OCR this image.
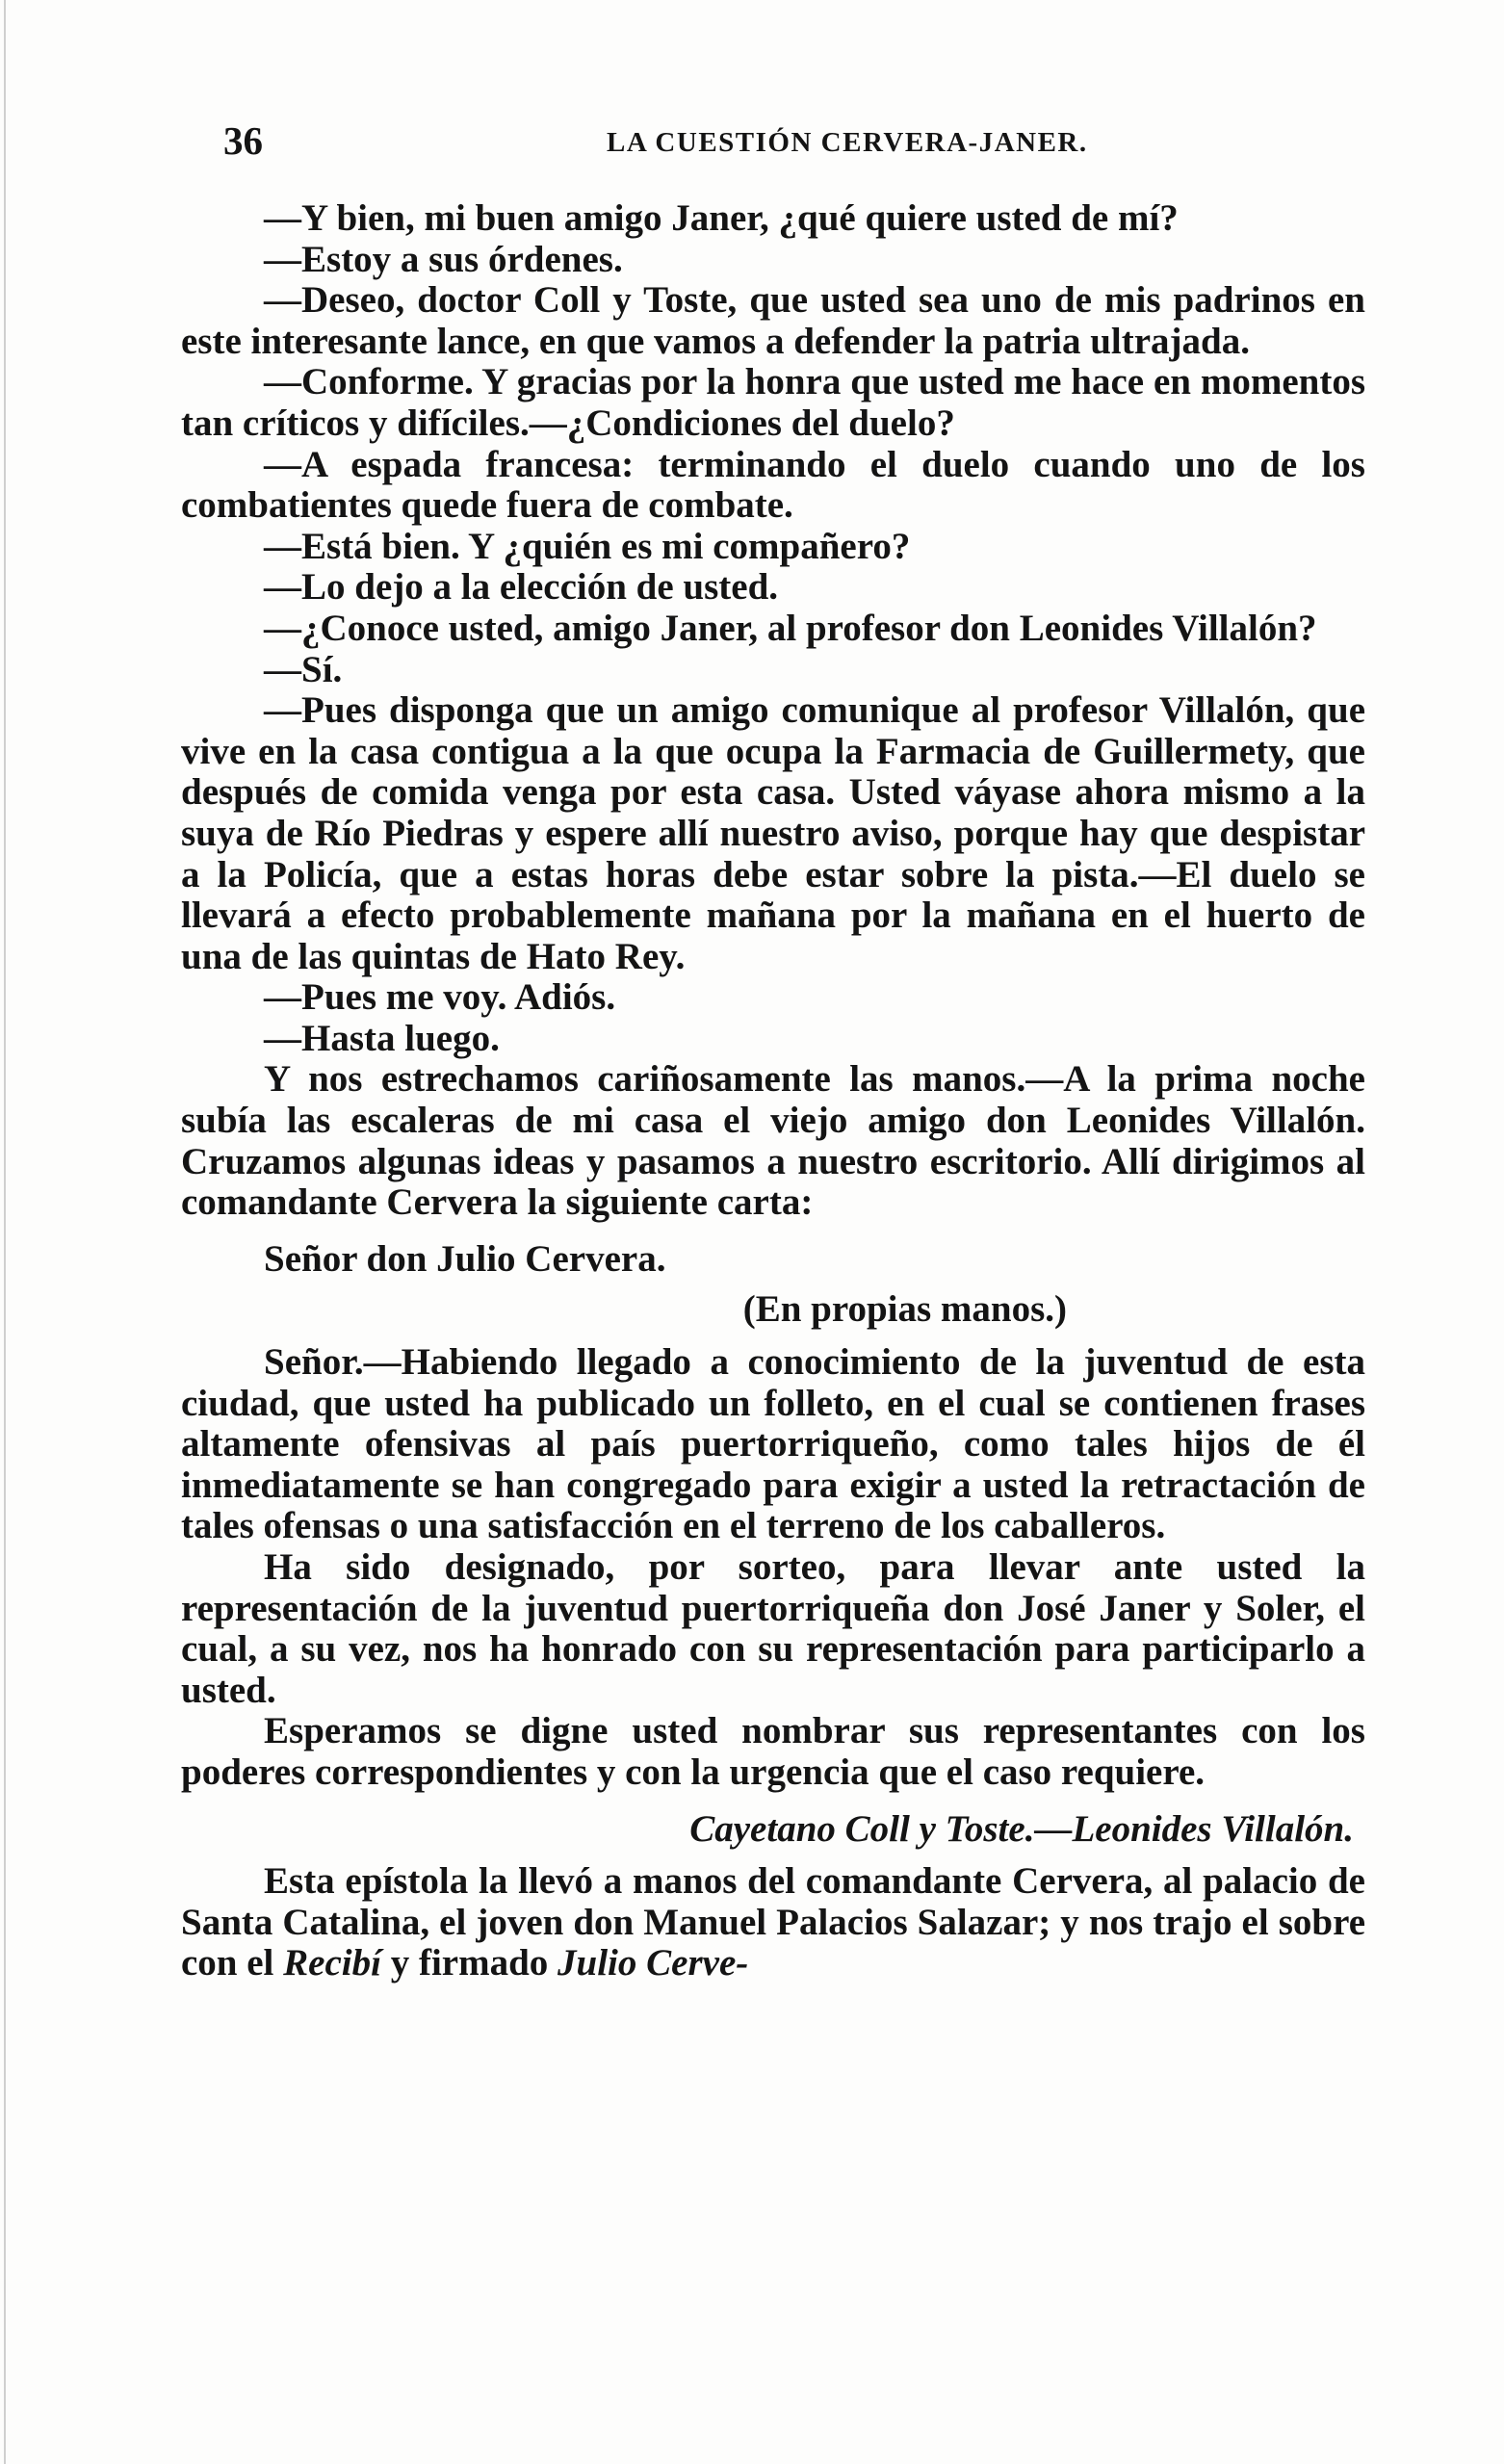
36	LA CUESTIÓN CERVERA-JANER.

—Y bien, mi buen amigo Janer, ¿qué quiere usted de mí?

—Estoy a sus órdenes.

—Deseo, doctor Coll y Toste, que usted sea uno de mis padrinos en este interesante lance, en que vamos a defender la patria ultrajada.

—Conforme. Y gracias por la honra que usted me hace en momentos tan críticos y difíciles.—¿Condiciones del duelo?

—A espada francesa: terminando el duelo cuando uno de los combatientes quede fuera de combate.

—Está bien. Y ¿quién es mi compañero?

—Lo dejo a la elección de usted.

—¿Conoce usted, amigo Janer, al profesor don Leonides Villalón?

—Sí.

—Pues disponga que un amigo comunique al profesor Villalón, que vive en la casa contigua a la que ocupa la Farmacia de Guillermety, que después de comida venga por esta casa. Usted váyase ahora mismo a la suya de Río Piedras y espere allí nuestro aviso, porque hay que despistar a la Policía, que a estas horas debe estar sobre la pista.—El duelo se llevará a efecto probablemente mañana por la mañana en el huerto de una de las quintas de Hato Rey.

—Pues me voy. Adiós.

—Hasta luego.

Y nos estrechamos cariñosamente las manos.—A la prima noche subía las escaleras de mi casa el viejo amigo don Leonides Villalón. Cruzamos algunas ideas y pasamos a nuestro escritorio. Allí dirigimos al comandante Cervera la siguiente carta:

Señor don Julio Cervera.

(En propias manos.)

Señor.—Habiendo llegado a conocimiento de la juventud de esta ciudad, que usted ha publicado un folleto, en el cual se contienen frases altamente ofensivas al país puertorriqueño, como tales hijos de él inmediatamente se han congregado para exigir a usted la retractación de tales ofensas o una satisfacción en el terreno de los caballeros.

Ha sido designado, por sorteo, para llevar ante usted la representación de la juventud puertorriqueña don José Janer y Soler, el cual, a su vez, nos ha honrado con su representación para participarlo a usted.

Esperamos se digne usted nombrar sus representantes con los poderes correspondientes y con la urgencia que el caso requiere.

Cayetano Coll y Toste.—Leonides Villalón.

Esta epístola la llevó a manos del comandante Cervera, al palacio de Santa Catalina, el joven don Manuel Palacios Salazar; y nos trajo el sobre con el Recibí y firmado Julio Cerve-
